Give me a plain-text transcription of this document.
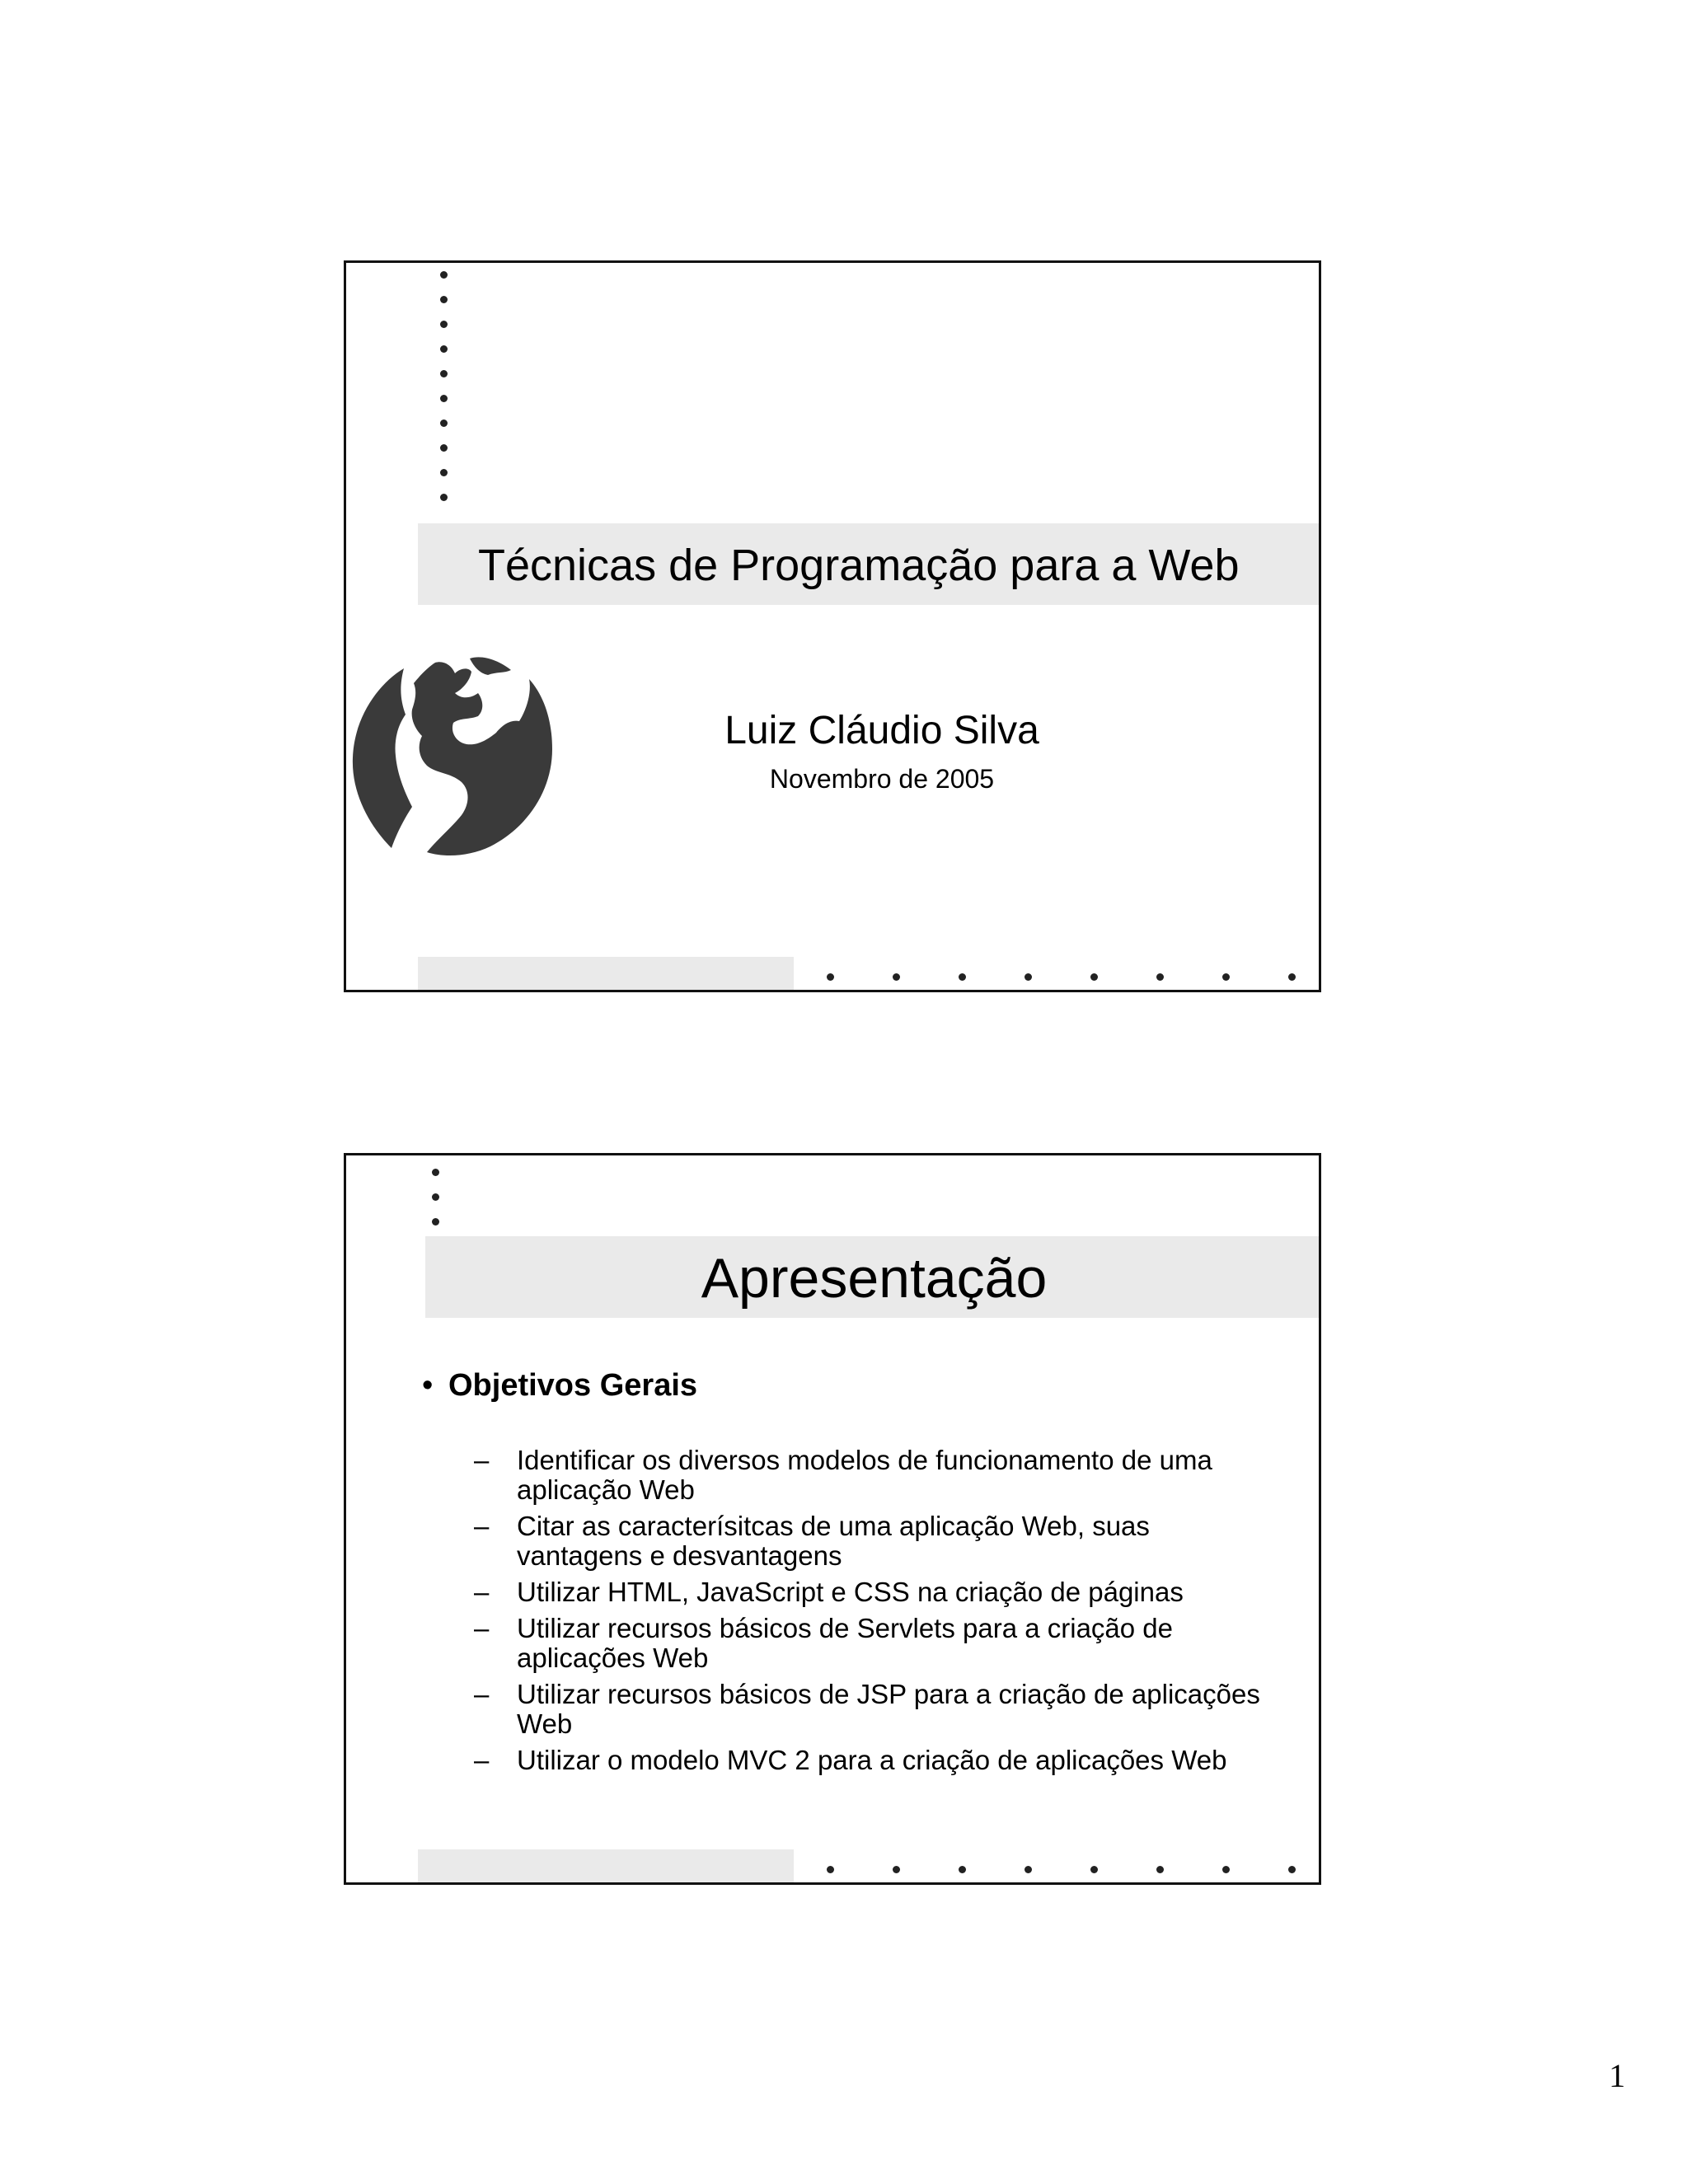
Técnicas de Programação para a Web
Luiz Cláudio Silva
Novembro de 2005
Apresentação
• Objetivos Gerais
– Identificar os diversos modelos de funcionamento de uma aplicação Web
– Citar as caracterísitcas de uma aplicação Web, suas vantagens e desvantagens
– Utilizar HTML, JavaScript e CSS na criação de páginas
– Utilizar recursos básicos de Servlets para a criação de aplicações Web
– Utilizar recursos básicos de JSP para a criação de aplicações Web
– Utilizar o modelo MVC 2 para a criação de aplicações Web
1
